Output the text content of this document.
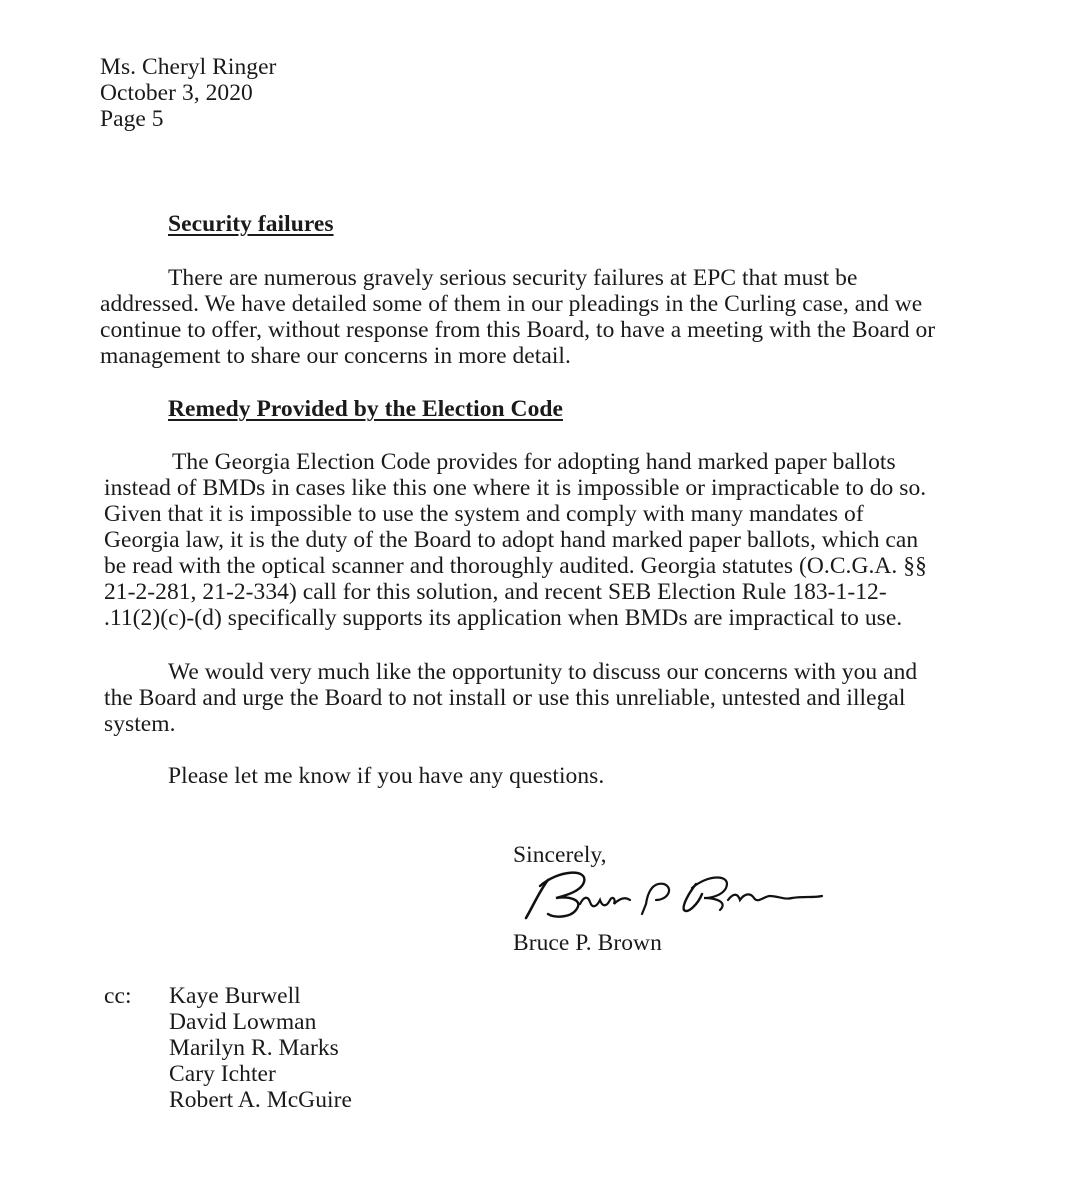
Ms. Cheryl Ringer
October 3, 2020
Page 5
Security failures
There are numerous gravely serious security failures at EPC that must be
addressed. We have detailed some of them in our pleadings in the Curling case, and we
continue to offer, without response from this Board, to have a meeting with the Board or
management to share our concerns in more detail.
Remedy Provided by the Election Code
The Georgia Election Code provides for adopting hand marked paper ballots
instead of BMDs in cases like this one where it is impossible or impracticable to do so.
Given that it is impossible to use the system and comply with many mandates of
Georgia law, it is the duty of the Board to adopt hand marked paper ballots, which can
be read with the optical scanner and thoroughly audited. Georgia statutes (O.C.G.A. §§
21-2-281, 21-2-334) call for this solution, and recent SEB Election Rule 183-1-12-
.11(2)(c)-(d) specifically supports its application when BMDs are impractical to use.
We would very much like the opportunity to discuss our concerns with you and
the Board and urge the Board to not install or use this unreliable, untested and illegal
system.
Please let me know if you have any questions.
Sincerely,
Bruce P. Brown
cc: Kaye Burwell
David Lowman
Marilyn R. Marks
Cary Ichter
Robert A. McGuire
